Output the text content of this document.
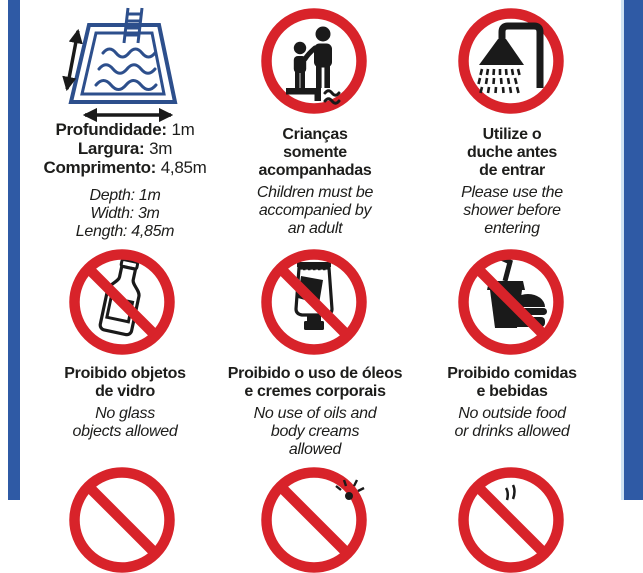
Profundidade: 1m
Largura: 3m
Comprimento: 4,85m
Depth: 1m
Width: 3m
Length: 4,85m
Crianças
somente
acompanhadas
Children must be
accompanied by
an adult
Utilize o
duche antes
de entrar
Please use the
shower before
entering
Proibido objetos
de vidro
No glass
objects allowed
Proibido o uso de óleos
e cremes corporais
No use of oils and
body creams
allowed
Proibido comidas
e bebidas
No outside food
or drinks allowed
